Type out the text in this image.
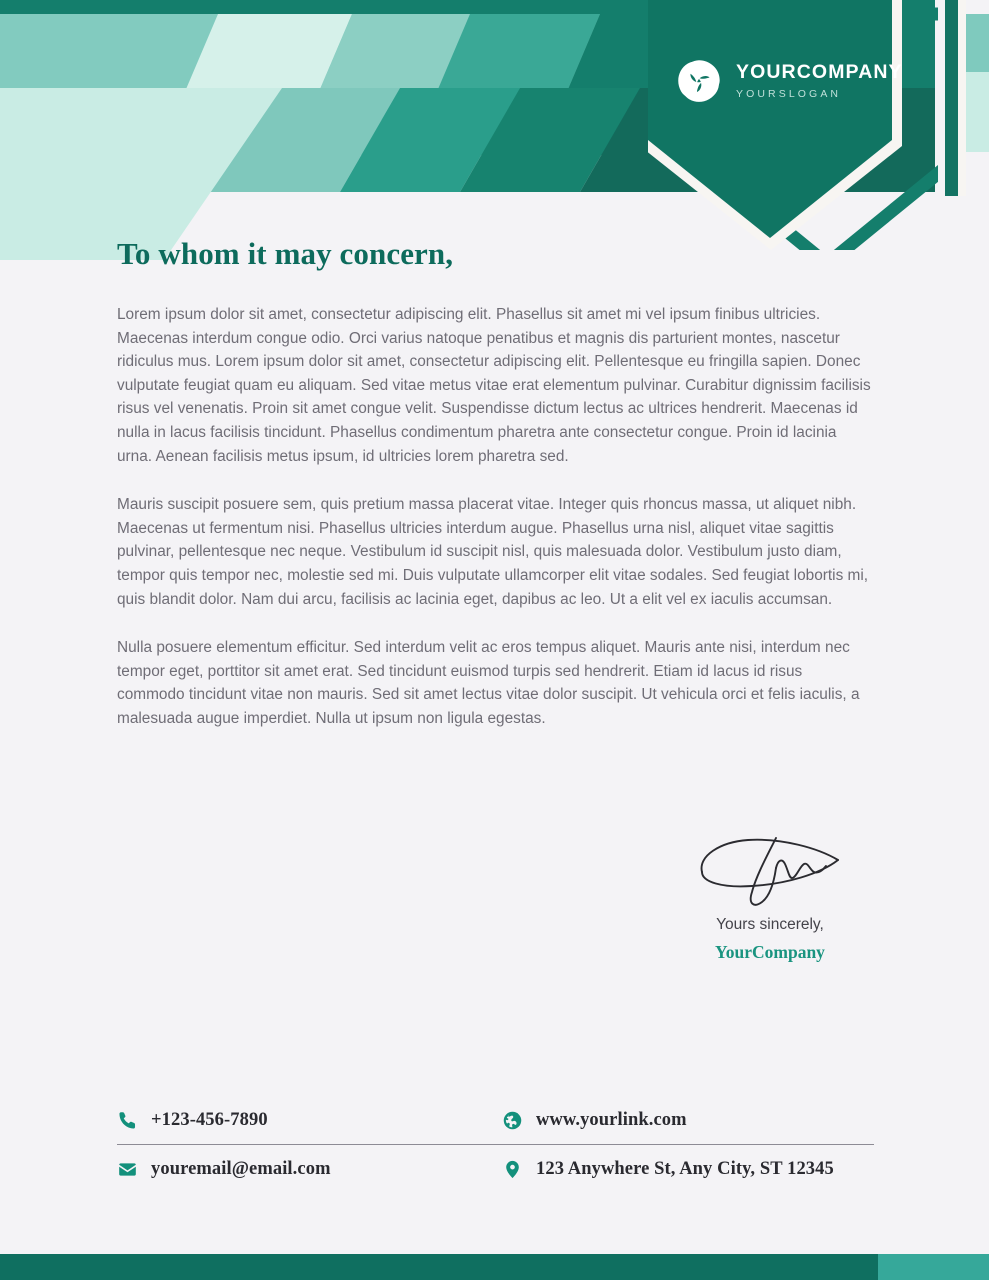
YOURCOMPANY
YOURSLOGAN
To whom it may concern,

Lorem ipsum dolor sit amet, consectetur adipiscing elit. Phasellus sit amet mi vel ipsum finibus ultricies. Maecenas interdum congue odio. Orci varius natoque penatibus et magnis dis parturient montes, nascetur ridiculus mus. Lorem ipsum dolor sit amet, consectetur adipiscing elit. Pellentesque eu fringilla sapien. Donec vulputate feugiat quam eu aliquam. Sed vitae metus vitae erat elementum pulvinar. Curabitur dignissim facilisis risus vel venenatis. Proin sit amet congue velit. Suspendisse dictum lectus ac ultrices hendrerit. Maecenas id nulla in lacus facilisis tincidunt. Phasellus condimentum pharetra ante consectetur congue. Proin id lacinia urna. Aenean facilisis metus ipsum, id ultricies lorem pharetra sed.

Mauris suscipit posuere sem, quis pretium massa placerat vitae. Integer quis rhoncus massa, ut aliquet nibh. Maecenas ut fermentum nisi. Phasellus ultricies interdum augue. Phasellus urna nisl, aliquet vitae sagittis pulvinar, pellentesque nec neque. Vestibulum id suscipit nisl, quis malesuada dolor. Vestibulum justo diam, tempor quis tempor nec, molestie sed mi. Duis vulputate ullamcorper elit vitae sodales. Sed feugiat lobortis mi, quis blandit dolor. Nam dui arcu, facilisis ac lacinia eget, dapibus ac leo. Ut a elit vel ex iaculis accumsan.

Nulla posuere elementum efficitur. Sed interdum velit ac eros tempus aliquet. Mauris ante nisi, interdum nec tempor eget, porttitor sit amet erat. Sed tincidunt euismod turpis sed hendrerit. Etiam id lacus id risus commodo tincidunt vitae non mauris. Sed sit amet lectus vitae dolor suscipit. Ut vehicula orci et felis iaculis, a malesuada augue imperdiet. Nulla ut ipsum non ligula egestas.

Yours sincerely,
YourCompany
+123-456-7890	www.yourlink.com
youremail@email.com	123 Anywhere St, Any City, ST 12345
